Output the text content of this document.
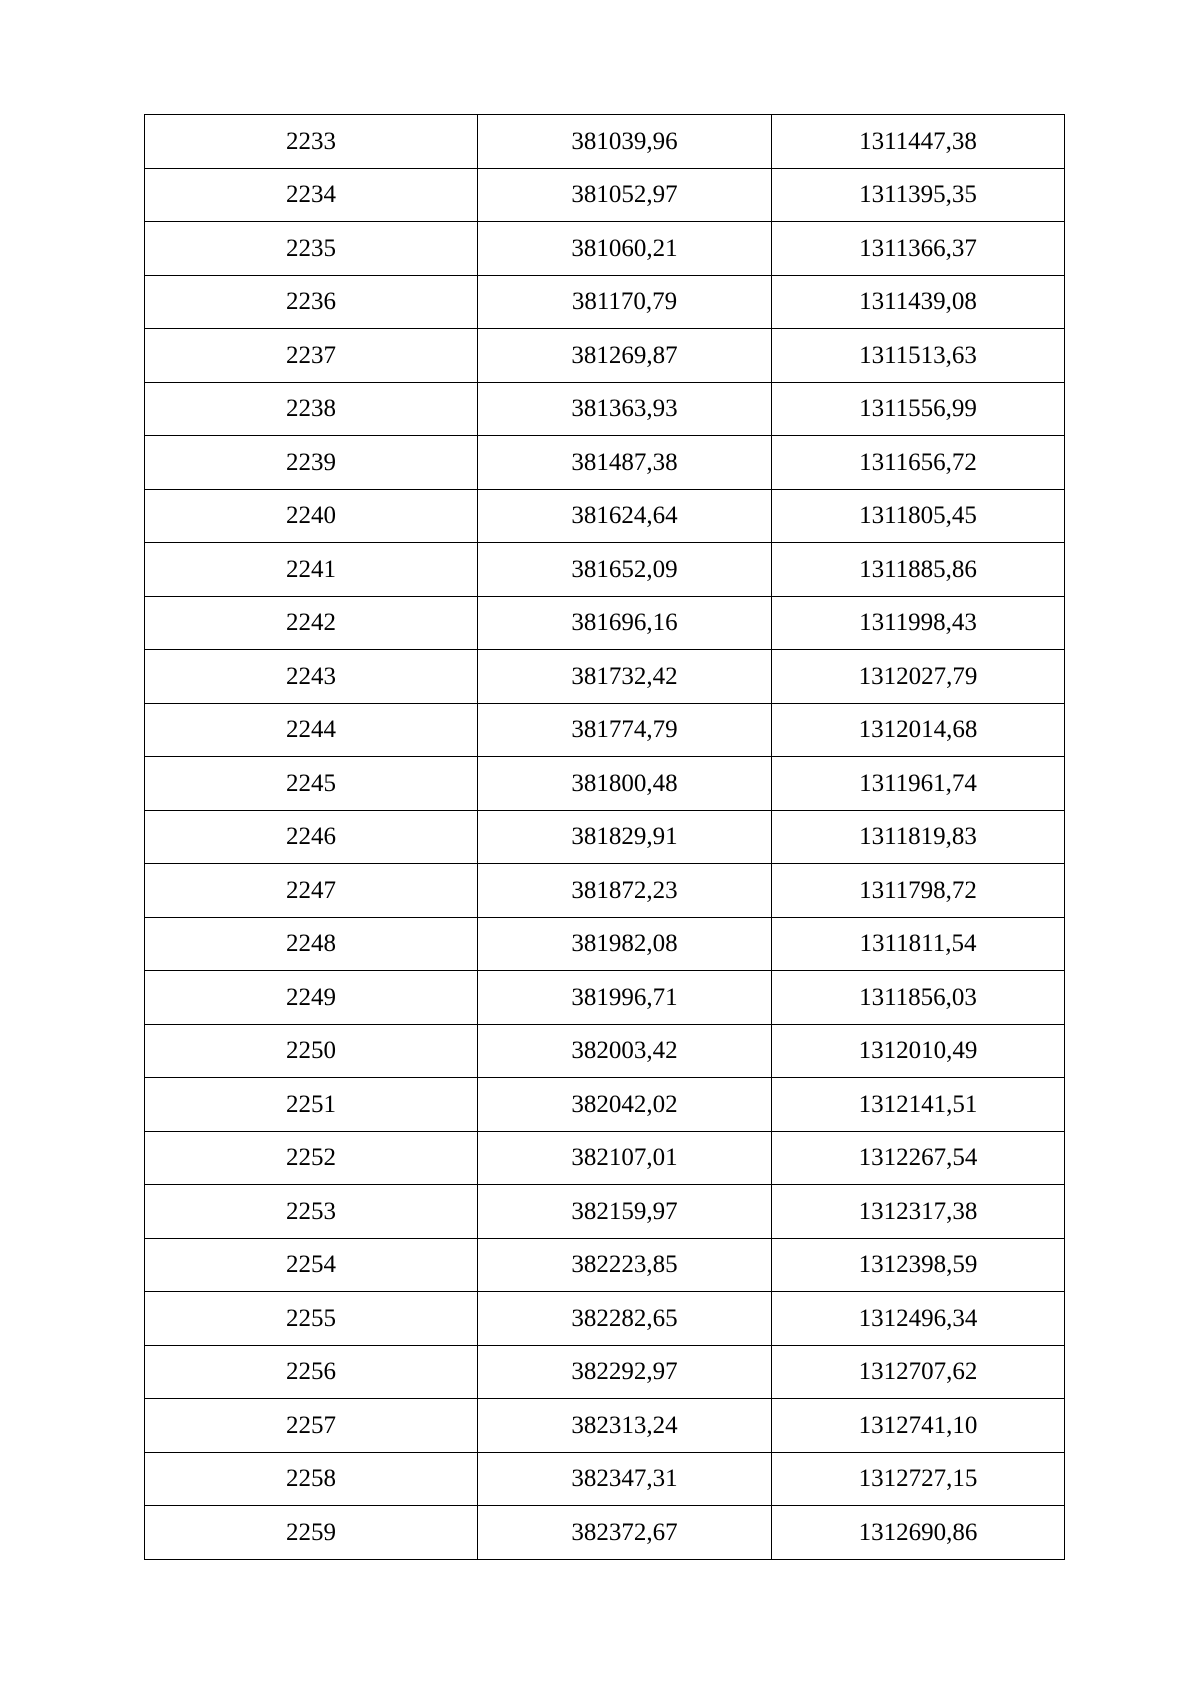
2233	381039,96	1311447,38
2234	381052,97	1311395,35
2235	381060,21	1311366,37
2236	381170,79	1311439,08
2237	381269,87	1311513,63
2238	381363,93	1311556,99
2239	381487,38	1311656,72
2240	381624,64	1311805,45
2241	381652,09	1311885,86
2242	381696,16	1311998,43
2243	381732,42	1312027,79
2244	381774,79	1312014,68
2245	381800,48	1311961,74
2246	381829,91	1311819,83
2247	381872,23	1311798,72
2248	381982,08	1311811,54
2249	381996,71	1311856,03
2250	382003,42	1312010,49
2251	382042,02	1312141,51
2252	382107,01	1312267,54
2253	382159,97	1312317,38
2254	382223,85	1312398,59
2255	382282,65	1312496,34
2256	382292,97	1312707,62
2257	382313,24	1312741,10
2258	382347,31	1312727,15
2259	382372,67	1312690,86
